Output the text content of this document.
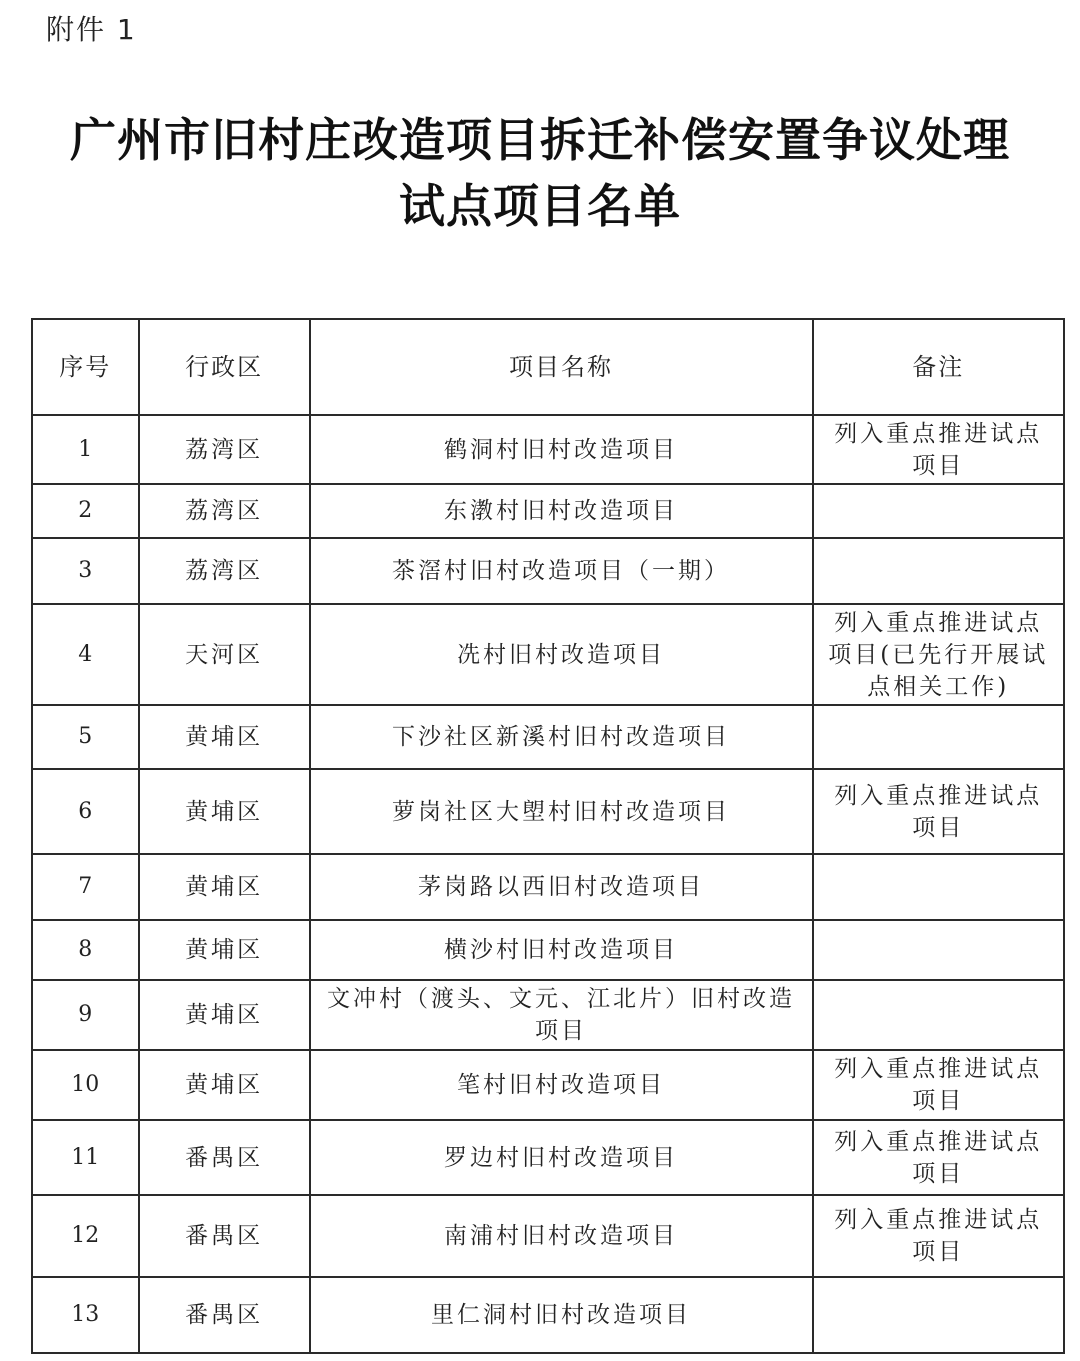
附件 1
广州市旧村庄改造项目拆迁补偿安置争议处理
试点项目名单
序号	行政区	项目名称	备注
1	荔湾区	鹤洞村旧村改造项目	列入重点推进试点项目
2	荔湾区	东漖村旧村改造项目	
3	荔湾区	茶滘村旧村改造项目（一期）	
4	天河区	冼村旧村改造项目	列入重点推进试点项目(已先行开展试点相关工作)
5	黄埔区	下沙社区新溪村旧村改造项目	
6	黄埔区	萝岗社区大塱村旧村改造项目	列入重点推进试点项目
7	黄埔区	茅岗路以西旧村改造项目	
8	黄埔区	横沙村旧村改造项目	
9	黄埔区	文冲村（渡头、文元、江北片）旧村改造项目	
10	黄埔区	笔村旧村改造项目	列入重点推进试点项目
11	番禺区	罗边村旧村改造项目	列入重点推进试点项目
12	番禺区	南浦村旧村改造项目	列入重点推进试点项目
13	番禺区	里仁洞村旧村改造项目	
